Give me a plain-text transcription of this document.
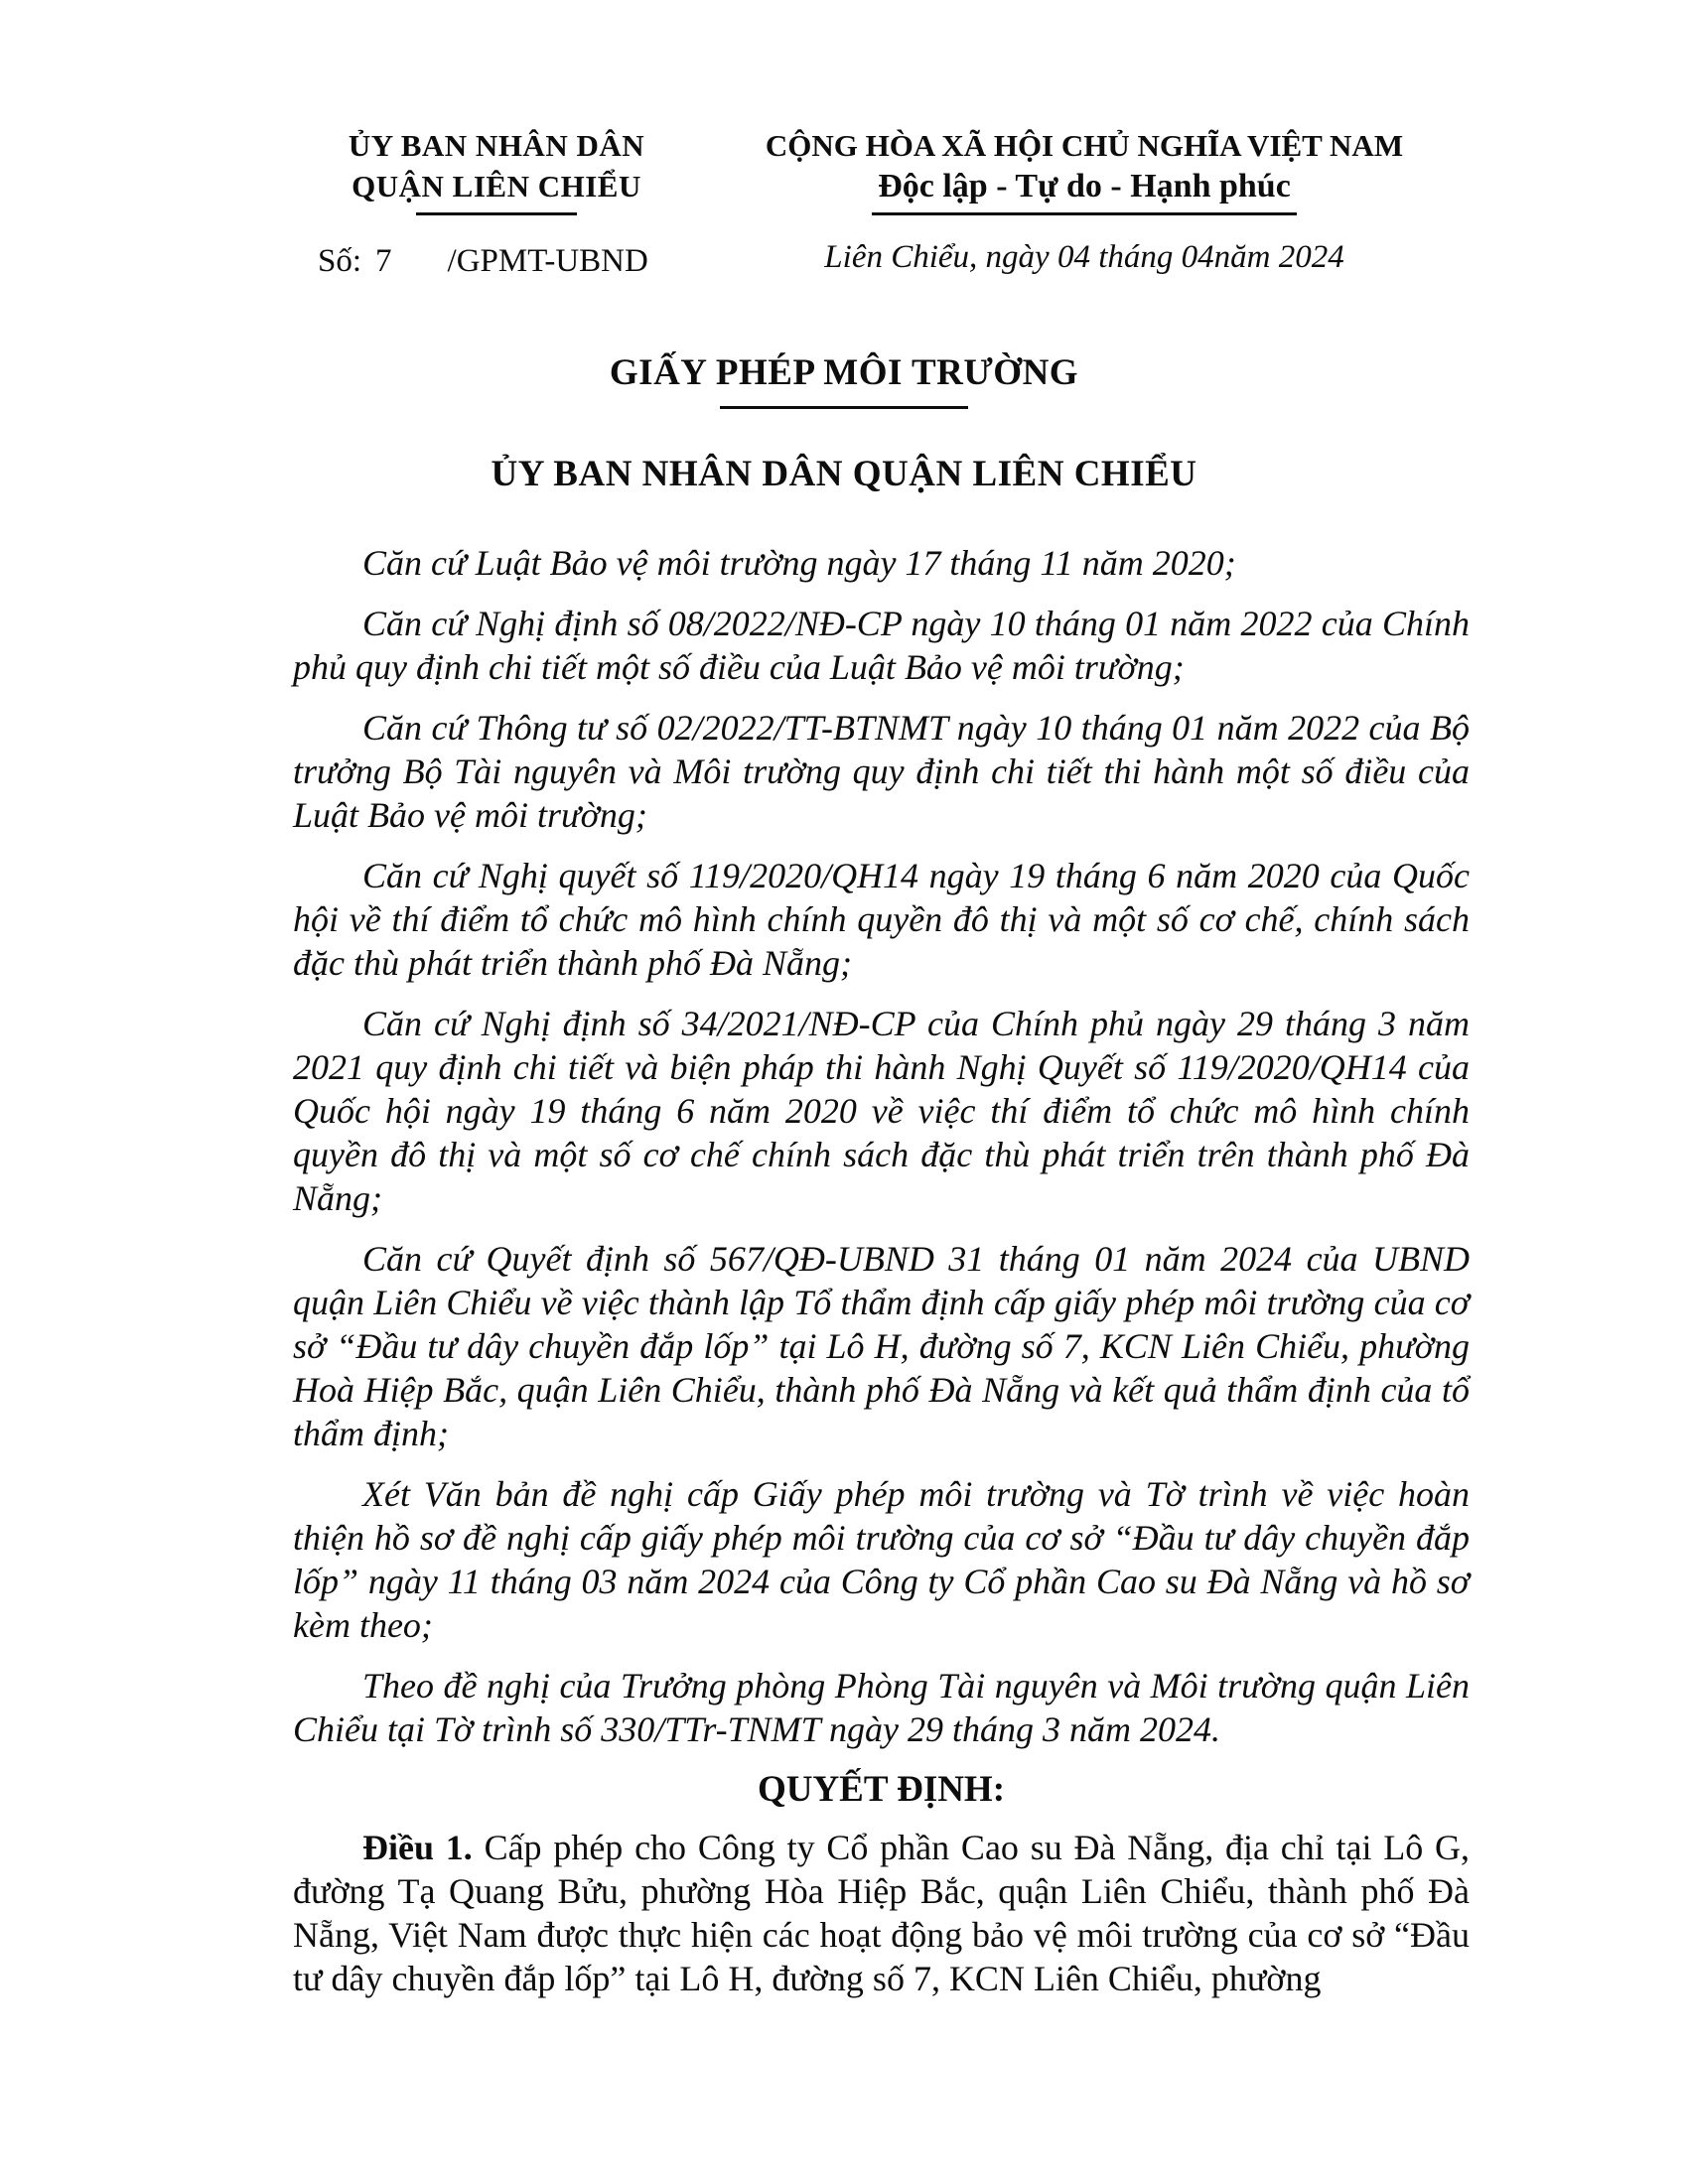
ỦY BAN NHÂN DÂN
QUẬN LIÊN CHIỂU
Số: 7 /GPMT-UBND
CỘNG HÒA XÃ HỘI CHỦ NGHĨA VIỆT NAM
Độc lập - Tự do - Hạnh phúc
Liên Chiểu, ngày 04 tháng 04năm 2024
GIẤY PHÉP MÔI TRƯỜNG
ỦY BAN NHÂN DÂN QUẬN LIÊN CHIỂU

Căn cứ Luật Bảo vệ môi trường ngày 17 tháng 11 năm 2020;

Căn cứ Nghị định số 08/2022/NĐ-CP ngày 10 tháng 01 năm 2022 của Chính phủ quy định chi tiết một số điều của Luật Bảo vệ môi trường;

Căn cứ Thông tư số 02/2022/TT-BTNMT ngày 10 tháng 01 năm 2022 của Bộ trưởng Bộ Tài nguyên và Môi trường quy định chi tiết thi hành một số điều của Luật Bảo vệ môi trường;

Căn cứ Nghị quyết số 119/2020/QH14 ngày 19 tháng 6 năm 2020 của Quốc hội về thí điểm tổ chức mô hình chính quyền đô thị và một số cơ chế, chính sách đặc thù phát triển thành phố Đà Nẵng;

Căn cứ Nghị định số 34/2021/NĐ-CP của Chính phủ ngày 29 tháng 3 năm 2021 quy định chi tiết và biện pháp thi hành Nghị Quyết số 119/2020/QH14 của Quốc hội ngày 19 tháng 6 năm 2020 về việc thí điểm tổ chức mô hình chính quyền đô thị và một số cơ chế chính sách đặc thù phát triển trên thành phố Đà Nẵng;

Căn cứ Quyết định số 567/QĐ-UBND 31 tháng 01 năm 2024 của UBND quận Liên Chiểu về việc thành lập Tổ thẩm định cấp giấy phép môi trường của cơ sở “Đầu tư dây chuyền đắp lốp” tại Lô H, đường số 7, KCN Liên Chiểu, phường Hoà Hiệp Bắc, quận Liên Chiểu, thành phố Đà Nẵng và kết quả thẩm định của tổ thẩm định;

Xét Văn bản đề nghị cấp Giấy phép môi trường và Tờ trình về việc hoàn thiện hồ sơ đề nghị cấp giấy phép môi trường của cơ sở “Đầu tư dây chuyền đắp lốp” ngày 11 tháng 03 năm 2024 của Công ty Cổ phần Cao su Đà Nẵng và hồ sơ kèm theo;

Theo đề nghị của Trưởng phòng Phòng Tài nguyên và Môi trường quận Liên Chiểu tại Tờ trình số 330/TTr-TNMT ngày 29 tháng 3 năm 2024.

QUYẾT ĐỊNH:

Điều 1. Cấp phép cho Công ty Cổ phần Cao su Đà Nẵng, địa chỉ tại Lô G, đường Tạ Quang Bửu, phường Hòa Hiệp Bắc, quận Liên Chiểu, thành phố Đà Nẵng, Việt Nam được thực hiện các hoạt động bảo vệ môi trường của cơ sở “Đầu tư dây chuyền đắp lốp” tại Lô H, đường số 7, KCN Liên Chiểu, phường
